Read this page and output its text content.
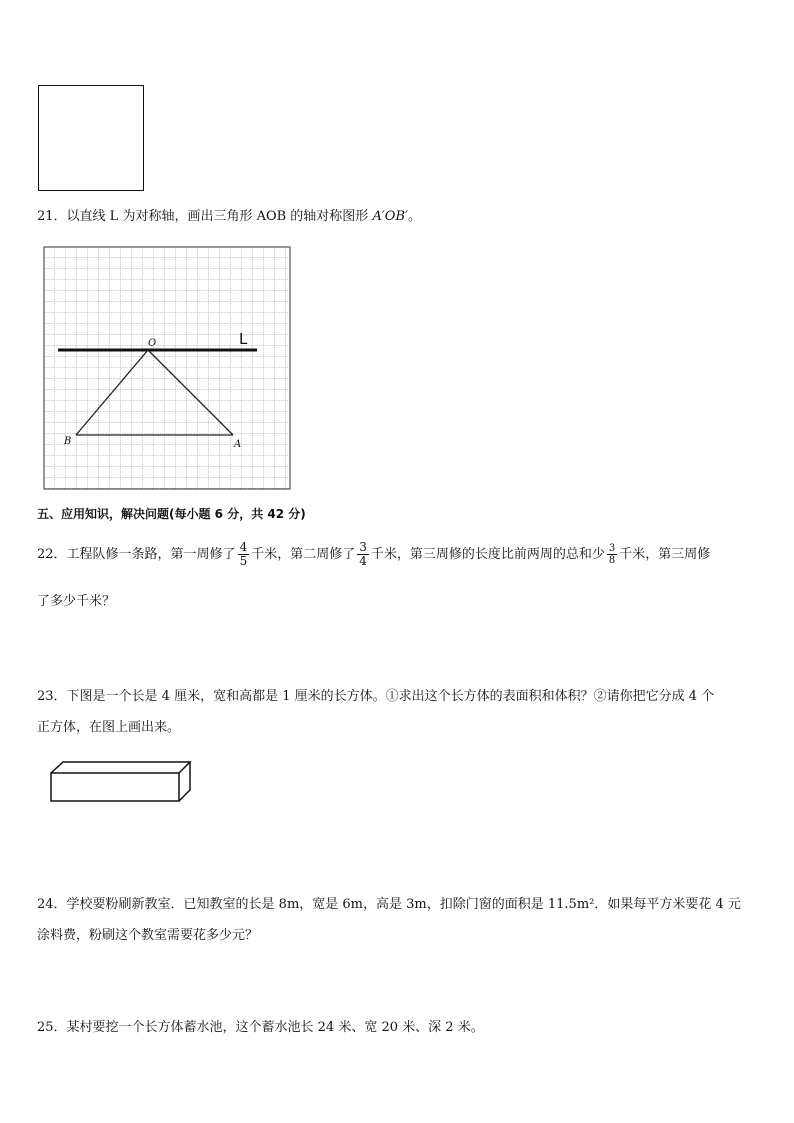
21．以直线 L 为对称轴，画出三角形 AOB 的轴对称图形 A′OB′。
L
O
B	A
五、应用知识，解决问题(每小题 6 分，共 42 分)
22．工程队修一条路，第一周修了 $\frac{4}{5}$ 千米，第二周修了 $\frac{3}{4}$ 千米，第三周修的长度比前两周的总和少 $\frac{3}{8}$ 千米，第三周修
了多少千米？
23．下图是一个长是 4 厘米，宽和高都是 1 厘米的长方体。①求出这个长方体的表面积和体积？②请你把它分成 4 个
正方体，在图上画出来。
24．学校要粉刷新教室．已知教室的长是 8m，宽是 6m，高是 3m，扣除门窗的面积是 11.5m²．如果每平方米要花 4 元
涂料费，粉刷这个教室需要花多少元？
25．某村要挖一个长方体蓄水池，这个蓄水池长 24 米、宽 20 米、深 2 米。
